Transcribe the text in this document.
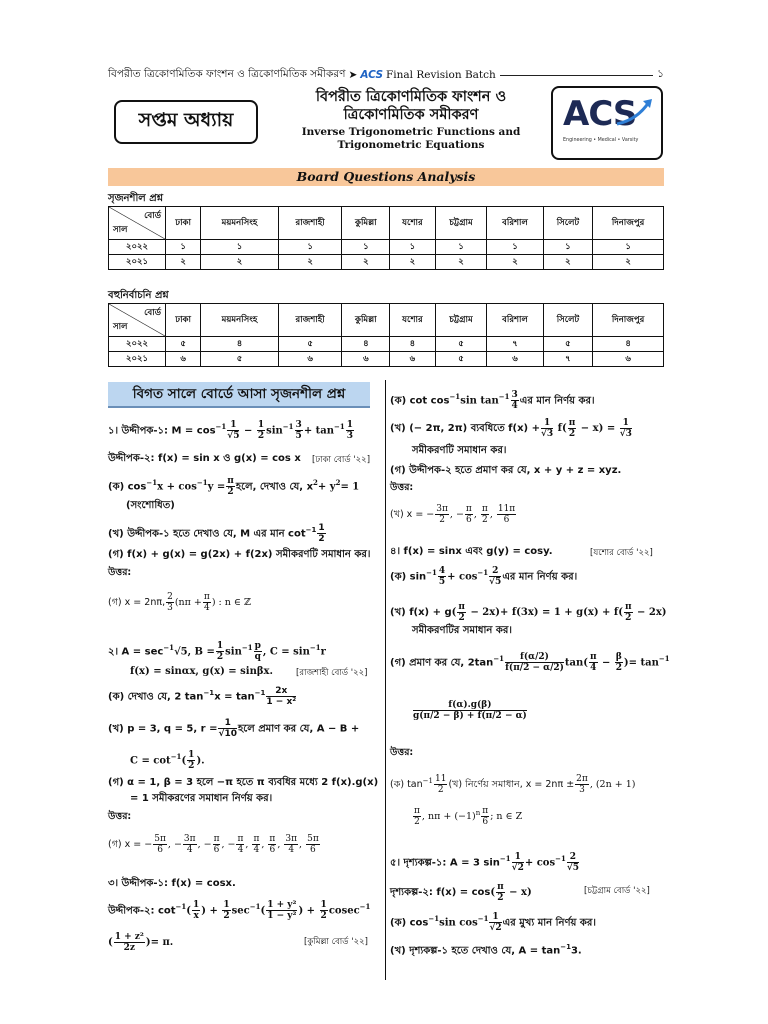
বিপরীত ত্রিকোণমিতিক ফাংশন ও ত্রিকোণমিতিক সমীকরণ ➤ ACS Final Revision Batch	১
সপ্তম অধ্যায়
বিপরীত ত্রিকোণমিতিক ফাংশন ও
ত্রিকোণমিতিক সমীকরণ
Inverse Trigonometric Functions and
Trigonometric Equations
ACS
Engineering • Medical • Varsity
Board Questions Analysis
সৃজনশীল প্রশ্ন
বোর্ড
সাল	ঢাকা	ময়মনসিংহ	রাজশাহী	কুমিল্লা	যশোর	চট্টগ্রাম	বরিশাল	সিলেট	দিনাজপুর
২০২২	১	১	১	১	১	১	১	১	১
২০২১	২	২	২	২	২	২	২	২	২
বহুনির্বাচনি প্রশ্ন
বোর্ড
সাল	ঢাকা	ময়মনসিংহ	রাজশাহী	কুমিল্লা	যশোর	চট্টগ্রাম	বরিশাল	সিলেট	দিনাজপুর
২০২২	৫	৪	৫	৪	৪	৫	৭	৫	৪
২০২১	৬	৫	৬	৬	৬	৫	৬	৭	৬
বিগত সালে বোর্ডে আসা সৃজনশীল প্রশ্ন
১। উদ্দীপক-১: $M = \cos^{-1} \frac{1}{√5} - \frac{1}{2} \sin^{-1} \frac{3}{5} + \tan^{-1} \frac{1}{3}$
উদ্দীপক-২: f(x) = sin x ও g(x) = cos x [ঢাকা বোর্ড '২২]
(ক) $\cos^{-1}x + \cos^{-1}y = \frac{\pi}{2}$ হলে, দেখাও যে, $x^2+ y^2= 1$
(সংশোধিত)
(খ) উদ্দীপক-১ হতে দেখাও যে, M এর মান $\cot^{-1} \frac{1}{2}$
(গ) f(x) + g(x) = g(2x) + f(2x) সমীকরণটি সমাধান কর।
উত্তর:
(গ) x = 2nπ, $\frac{2}{3} (n\pi + \frac{\pi}{4}$ ) : n ∈ ℤ
২। $A = \sec^{-1}√5$, $B = \frac{1}{2} \sin^{-1} \frac{p}{q}$ , $C = \sin^{-1}r$
f(x) = sinαx, g(x) = sinβx.	[রাজশাহী বোর্ড '২২]
(ক) দেখাও যে, 2 $\tan^{-1}x = \tan^{-1} \frac{2x}{\text{1 − x²}}$
(খ) p = 3, q = 5, $r = \frac{1}{√10}$ হলে প্রমাণ কর যে, A − B +
$C = \cot^{-1}( \frac{1}{2}$ ).
(গ) α = 1, β = 3 হলে −π হতে π ব্যবধির মধ্যে 2 f(x).g(x)
= 1 সমীকরণের সমাধান নির্ণয় কর।
উত্তর:
(গ) x = − $\frac{5\pi}{6}$ , − $\frac{3\pi}{4}$ , − $\frac{\pi}{6}$ , − $\frac{\pi}{4}$ , $\frac{\pi}{4}$ , $\frac{\pi}{6}$ , $\frac{3\pi}{4}$ , $\frac{5\pi}{6}$
৩। উদ্দীপক-১: f(x) = cosx.
উদ্দীপক-২: $\cot^{-1}( \frac{1}{x}$ ) + $\frac{1}{2} \sec^{-1}( \frac{\text{1 + y²}}{\text{1 − y²}}$ ) + $\frac{1}{2} cosec^{-1}$
( $\frac{\text{1 + z²}}{2z}$ )= π.	[কুমিল্লা বোর্ড '২২]
(ক) $\cot \cos^{-1}\sin$ $\tan^{-1} \frac{3}{4}$ এর মান নির্ণয় কর।
(খ) (− 2π, 2π) ব্যবধিতে $f(x) + \frac{1}{√3} f( \frac{\pi}{2} - x) = \frac{1}{√3}$
সমীকরণটি সমাধান কর।
(গ) উদ্দীপক-২ হতে প্রমাণ কর যে, x + y + z = xyz.
উত্তর:
(খ) x = − $\frac{3\pi}{2}$ , − $\frac{\pi}{6}$ , $\frac{\pi}{2}$ , $\frac{11\pi}{6}$
৪। f(x) = sinx এবং g(y) = cosy.	[যশোর বোর্ড '২২]
(ক) $\sin^{-1} \frac{4}{5} + \cos^{-1} \frac{2}{√5}$ এর মান নির্ণয় কর।
(খ) $f(x) + g( \frac{\pi}{2} - 2x)+ f(3x) = 1 + g(x) + f( \frac{\pi}{2} - 2x)$
সমীকরণটির সমাধান কর।
(গ) প্রমাণ কর যে, $2\tan^{-1} \frac{f(\alpha/2)}{f(\pi/2 - \alpha/2)} \tan( \frac{\pi}{4} - \frac{\beta}{2}$ )= $\tan^{-1}$
$\frac{f(\alpha).g(\beta)}{g(\pi/2 - \beta) + f(\pi/2 - \alpha)}$
উত্তর:
(ক) $\tan^{-1} \frac{11}{2}$ (খ) নির্ণেয় সমাধান, $x = 2n\pi \pm \frac{2\pi}{3}$ , (2n + 1)
$\frac{\pi}{2}$ , $n\pi + (-1)^n \frac{\pi}{6}$ ; n ∈ Z
৫। দৃশ্যকল্প-১: A = 3 $\sin^{-1} \frac{1}{√2} + \cos^{-1} \frac{2}{√5}$
দৃশ্যকল্প-২: $f(x) = \cos( \frac{\pi}{2} - x)$	[চট্টগ্রাম বোর্ড '২২]
(ক) $\cos^{-1}\sin$ $\cos^{-1} \frac{1}{√2}$ এর মুখ্য মান নির্ণয় কর।
(খ) দৃশ্যকল্প-১ হতে দেখাও যে, $A = \tan^{-1}3$.
